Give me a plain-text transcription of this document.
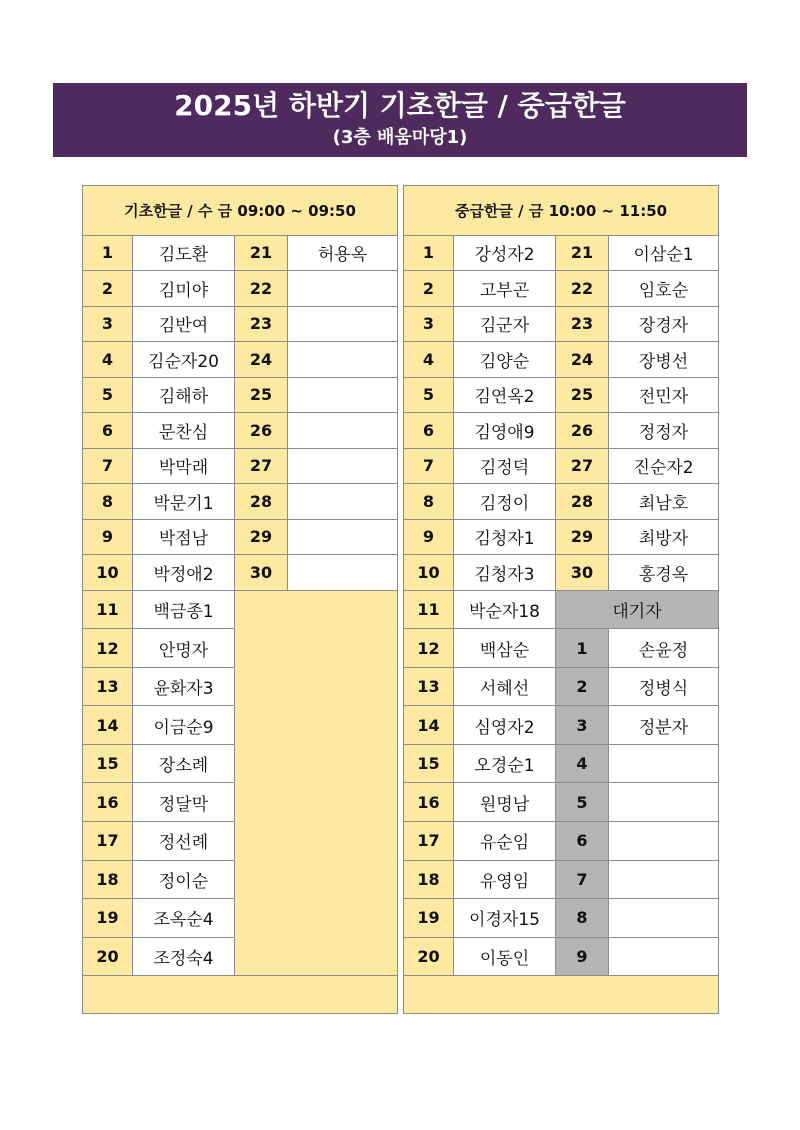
2025년 하반기 기초한글 / 중급한글
(3층 배움마당1)
기초한글 / 수 금 09:00 ~ 09:50			
1	김도환	21	허용옥
2	김미야	22	
3	김반여	23	
4	김순자20	24	
5	김해하	25	
6	문찬심	26	
7	박막래	27	
8	박문기1	28	
9	박점남	29	
10	박정애2	30	
11	백금종1		
12	안명자		
13	윤화자3		
14	이금순9		
15	장소례		
16	정달막		
17	정선례		
18	정이순		
19	조옥순4		
20	조정숙4		

중급한글 / 금 10:00 ~ 11:50			
1	강성자2	21	이삼순1
2	고부곤	22	임호순
3	김군자	23	장경자
4	김양순	24	장병선
5	김연옥2	25	전민자
6	김영애9	26	정정자
7	김정덕	27	진순자2
8	김정이	28	최남호
9	김청자1	29	최방자
10	김청자3	30	홍경옥
11	박순자18	대기자	
12	백삼순	1	손윤정
13	서혜선	2	정병식
14	심영자2	3	정분자
15	오경순1	4	
16	원명남	5	
17	유순임	6	
18	유영임	7	
19	이경자15	8	
20	이동인	9	
